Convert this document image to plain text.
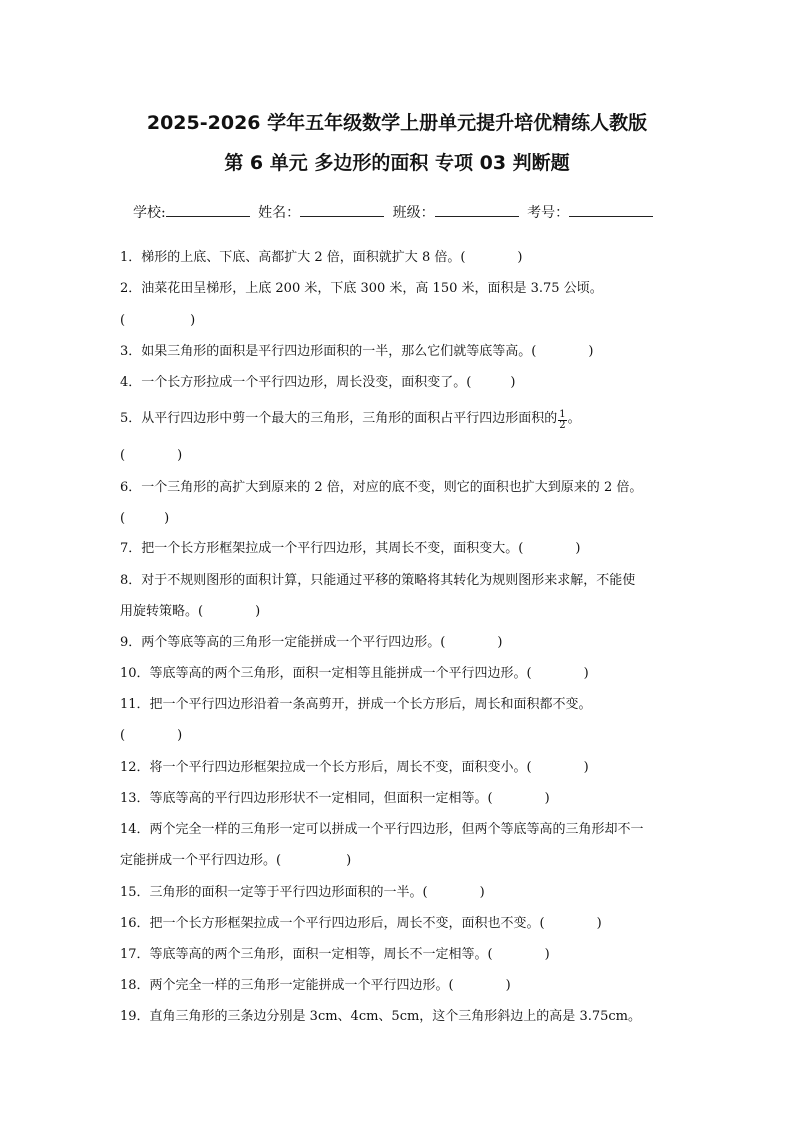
2025-2026 学年五年级数学上册单元提升培优精练人教版
第 6 单元 多边形的面积 专项 03 判断题
学校:	姓名：	班级：	考号：
1．梯形的上底、下底、高都扩大 2 倍，面积就扩大 8 倍。(　　　　)
2．油菜花田呈梯形，上底 200 米，下底 300 米，高 150 米，面积是 3.75 公顷。
(　　　　　)
3．如果三角形的面积是平行四边形面积的一半，那么它们就等底等高。(　　　　)
4．一个长方形拉成一个平行四边形，周长没变，面积变了。(　　　)
5．从平行四边形中剪一个最大的三角形，三角形的面积占平行四边形面积的 $\frac{1}{2}$ 。
(　　　　)
6．一个三角形的高扩大到原来的 2 倍，对应的底不变，则它的面积也扩大到原来的 2 倍。
(　　　)
7．把一个长方形框架拉成一个平行四边形，其周长不变，面积变大。(　　　　)
8．对于不规则图形的面积计算，只能通过平移的策略将其转化为规则图形来求解，不能使
用旋转策略。(　　　　)
9．两个等底等高的三角形一定能拼成一个平行四边形。(　　　　)
10．等底等高的两个三角形，面积一定相等且能拼成一个平行四边形。(　　　　)
11．把一个平行四边形沿着一条高剪开，拼成一个长方形后，周长和面积都不变。
(　　　　)
12．将一个平行四边形框架拉成一个长方形后，周长不变，面积变小。(　　　　)
13．等底等高的平行四边形形状不一定相同，但面积一定相等。(　　　　)
14．两个完全一样的三角形一定可以拼成一个平行四边形，但两个等底等高的三角形却不一
定能拼成一个平行四边形。(　　　　　)
15．三角形的面积一定等于平行四边形面积的一半。(　　　　)
16．把一个长方形框架拉成一个平行四边形后，周长不变，面积也不变。(　　　　)
17．等底等高的两个三角形，面积一定相等，周长不一定相等。(　　　　)
18．两个完全一样的三角形一定能拼成一个平行四边形。(　　　　)
19．直角三角形的三条边分别是 3cm、4cm、5cm，这个三角形斜边上的高是 3.75cm。
